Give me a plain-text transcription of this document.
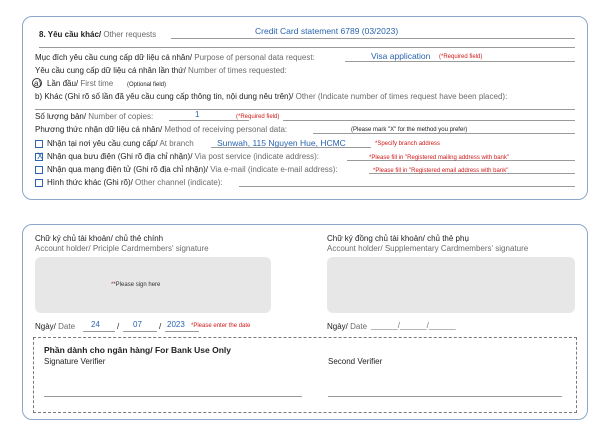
8. Yêu cầu khác/ Other requests	Credit Card statement 6789 (03/2023)
Mục đích yêu cầu cung cấp dữ liệu cá nhân/ Purpose of personal data request:	Visa application (*Required field)
Yêu cầu cung cấp dữ liệu cá nhân lần thứ/ Number of times requested:
a) Lần đầu/ First time (Optional field)
b) Khác (Ghi rõ số lần đã yêu cầu cung cấp thông tin, nội dung nêu trên)/ Other (Indicate number of times request have been placed):
Số lượng bản/ Number of copies:	1	(*Required field)
Phương thức nhận dữ liệu cá nhân/ Method of receiving personal data:	(Please mark "X" for the method you prefer)
Nhận tại nơi yêu cầu cung cấp/ At branch	Sunwah, 115 Nguyen Hue, HCMC	*Specify branch address
X Nhận qua bưu điện (Ghi rõ địa chỉ nhận)/ Via post service (indicate address):	*Please fill in "Registered mailing address with bank"
Nhận qua mạng điện tử (Ghi rõ địa chỉ nhận)/ Via e-mail (indicate e-mail address):	*Please fill in "Registered email address with bank"
Hình thức khác (Ghi rõ)/ Other channel (indicate):
Chữ ký chủ tài khoản/ chủ thẻ chính
Account holder/ Priciple Cardmembers' signature
**Please sign here
Chữ ký đồng chủ tài khoản/ chủ thẻ phụ
Account holder/ Supplementary Cardmembers' signature
Ngày/ Date 24 / 07 / 2023 *Please enter the date	Ngày/ Date ______/______/______
Phần dành cho ngân hàng/ For Bank Use Only
Signature Verifier	Second Verifier
